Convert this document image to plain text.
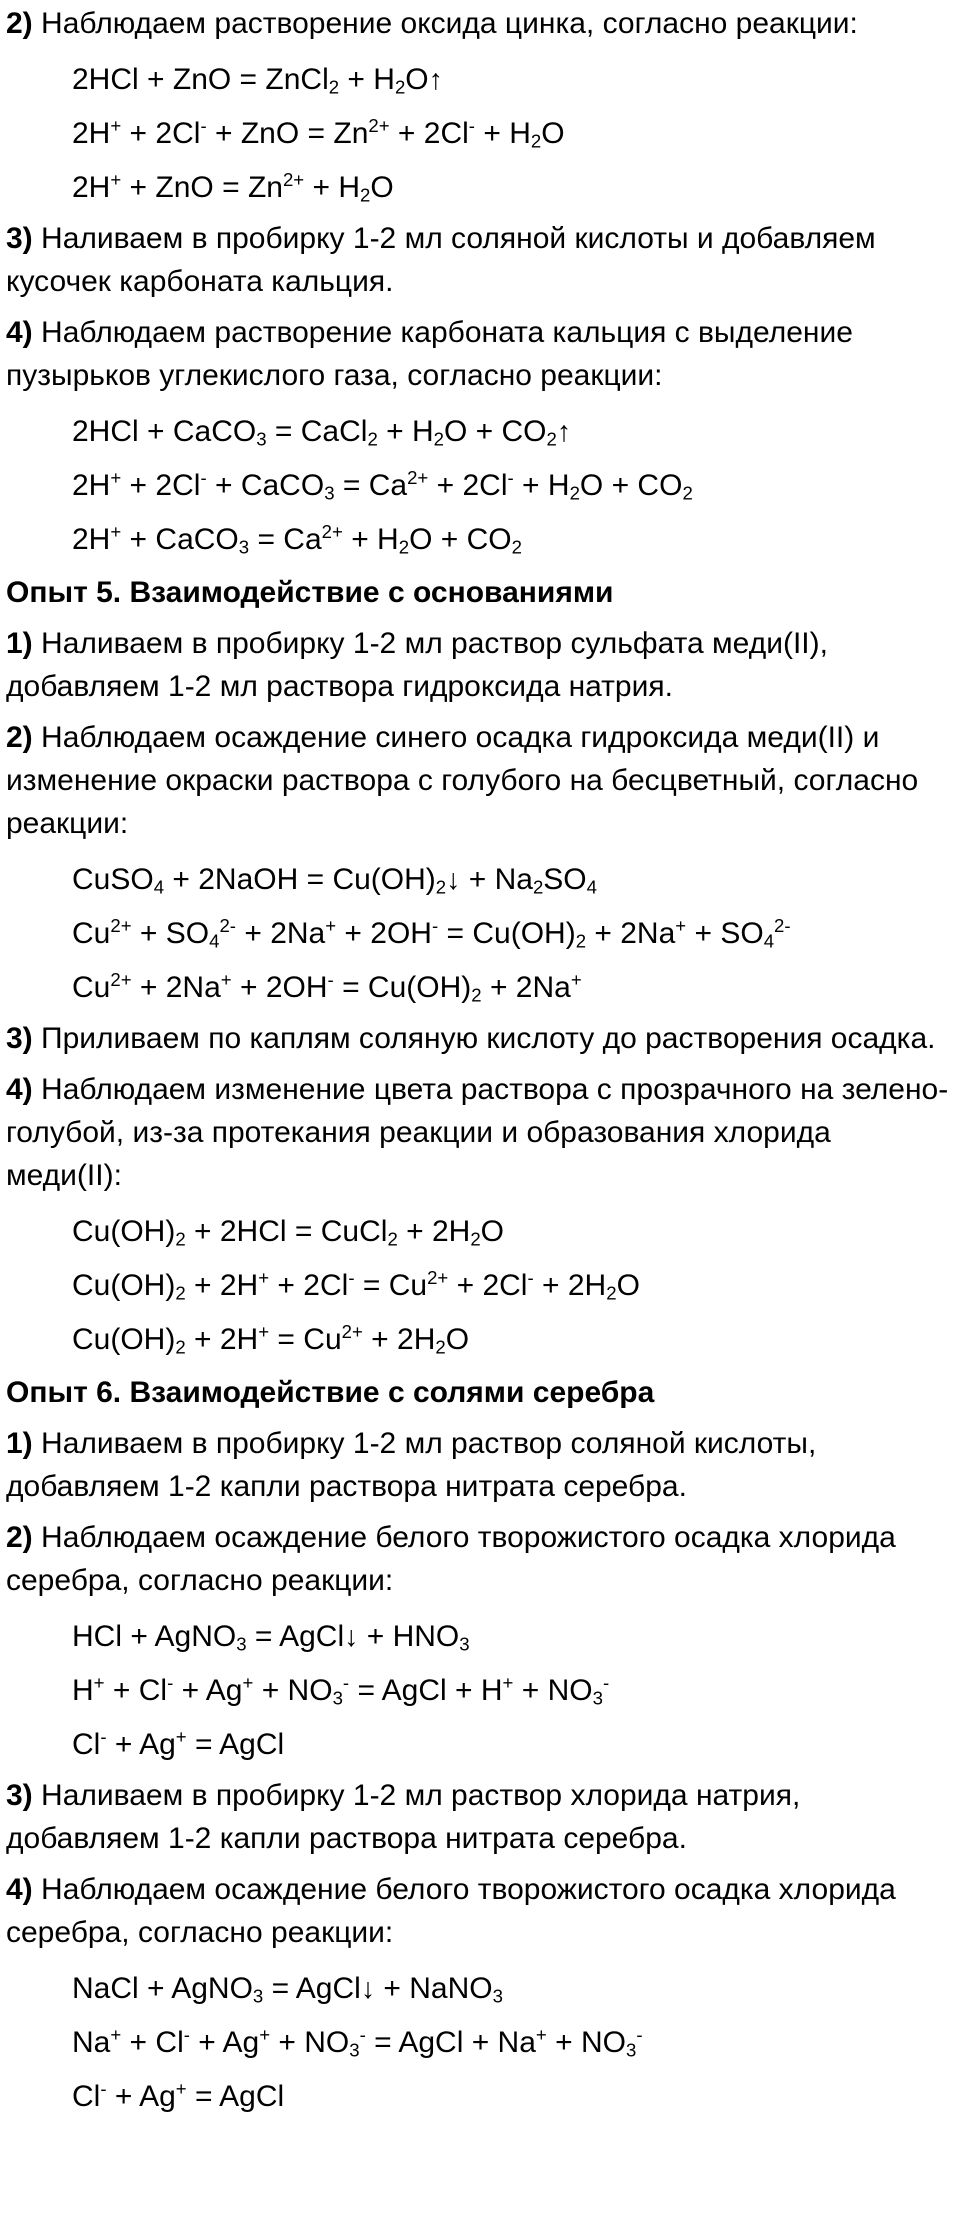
2) Наблюдаем растворение оксида цинка, согласно реакции:
2HCl + ZnO = ZnCl$_2$ + $H_2O↑$
2H+ + 2Cl- + ZnO = $Zn^{2+} + 2Cl^- + H_2O$
2H+ + ZnO = $Zn^{2+} + H_2O$
3) Наливаем в пробирку 1-2 мл соляной кислоты и добавляем кусочек карбоната кальция.
4) Наблюдаем растворение карбоната кальция с выделение пузырьков углекислого газа, согласно реакции:
2HCl + CaCO$_3$ = CaCl$_2$ + $H_2O$ + $CO_2↑$
2H+ + 2Cl- + CaCO$_3$ = $Ca^{2+} + 2Cl^- + H_2O + CO_2$
2H+ + CaCO$_3$ = $Ca^{2+} + H_2O + CO_2$
Опыт 5. Взаимодействие с основаниями
1) Наливаем в пробирку 1-2 мл раствор сульфата меди(II), добавляем 1-2 мл раствора гидроксида натрия.
2) Наблюдаем осаждение синего осадка гидроксида меди(II) и изменение окраски раствора с голубого на бесцветный, согласно реакции:
CuSO$_4$ + 2NaOH = $Cu(OH)_2↓ + Na_2SO_4$
$Cu^{2+} + SO_4^{2-} + 2Na^+ + 2OH^- = Cu(OH)_2 + 2Na^+ + SO_4^{2-}$
$Cu^{2+} + 2Na^+ + 2OH^- = Cu(OH)_2 + 2Na^+$
3) Приливаем по каплям соляную кислоту до растворения осадка.
4) Наблюдаем изменение цвета раствора с прозрачного на зелено-голубой, из-за протекания реакции и образования хлорида меди(II):
$Cu(OH)_2 + 2HCl$ = CuCl$_2$ + $2H_2O$
$Cu(OH)_2 + 2H^+ + 2Cl^- = Cu^{2+} + 2Cl^- + 2H_2O$
$Cu(OH)_2 + 2H^+ = Cu^{2+} + 2H_2O$
Опыт 6. Взаимодействие с солями серебра
1) Наливаем в пробирку 1-2 мл раствор соляной кислоты, добавляем 1-2 капли раствора нитрата серебра.
2) Наблюдаем осаждение белого творожистого осадка хлорида серебра, согласно реакции:
HCl + AgNO$_3$ = AgCl↓ + $HNO_3$
$H^+ + Cl^- + Ag^+ + NO_3^-$ = AgCl + $H^+ + NO_3^-$
Cl- + Ag+ = AgCl
3) Наливаем в пробирку 1-2 мл раствор хлорида натрия, добавляем 1-2 капли раствора нитрата серебра.
4) Наблюдаем осаждение белого творожистого осадка хлорида серебра, согласно реакции:
NaCl + AgNO$_3$ = AgCl↓ + NaNO$_3$
$Na^+ + Cl^- + Ag^+ + NO_3^-$ = AgCl + $Na^+ + NO_3^-$
Cl- + Ag+ = AgCl
